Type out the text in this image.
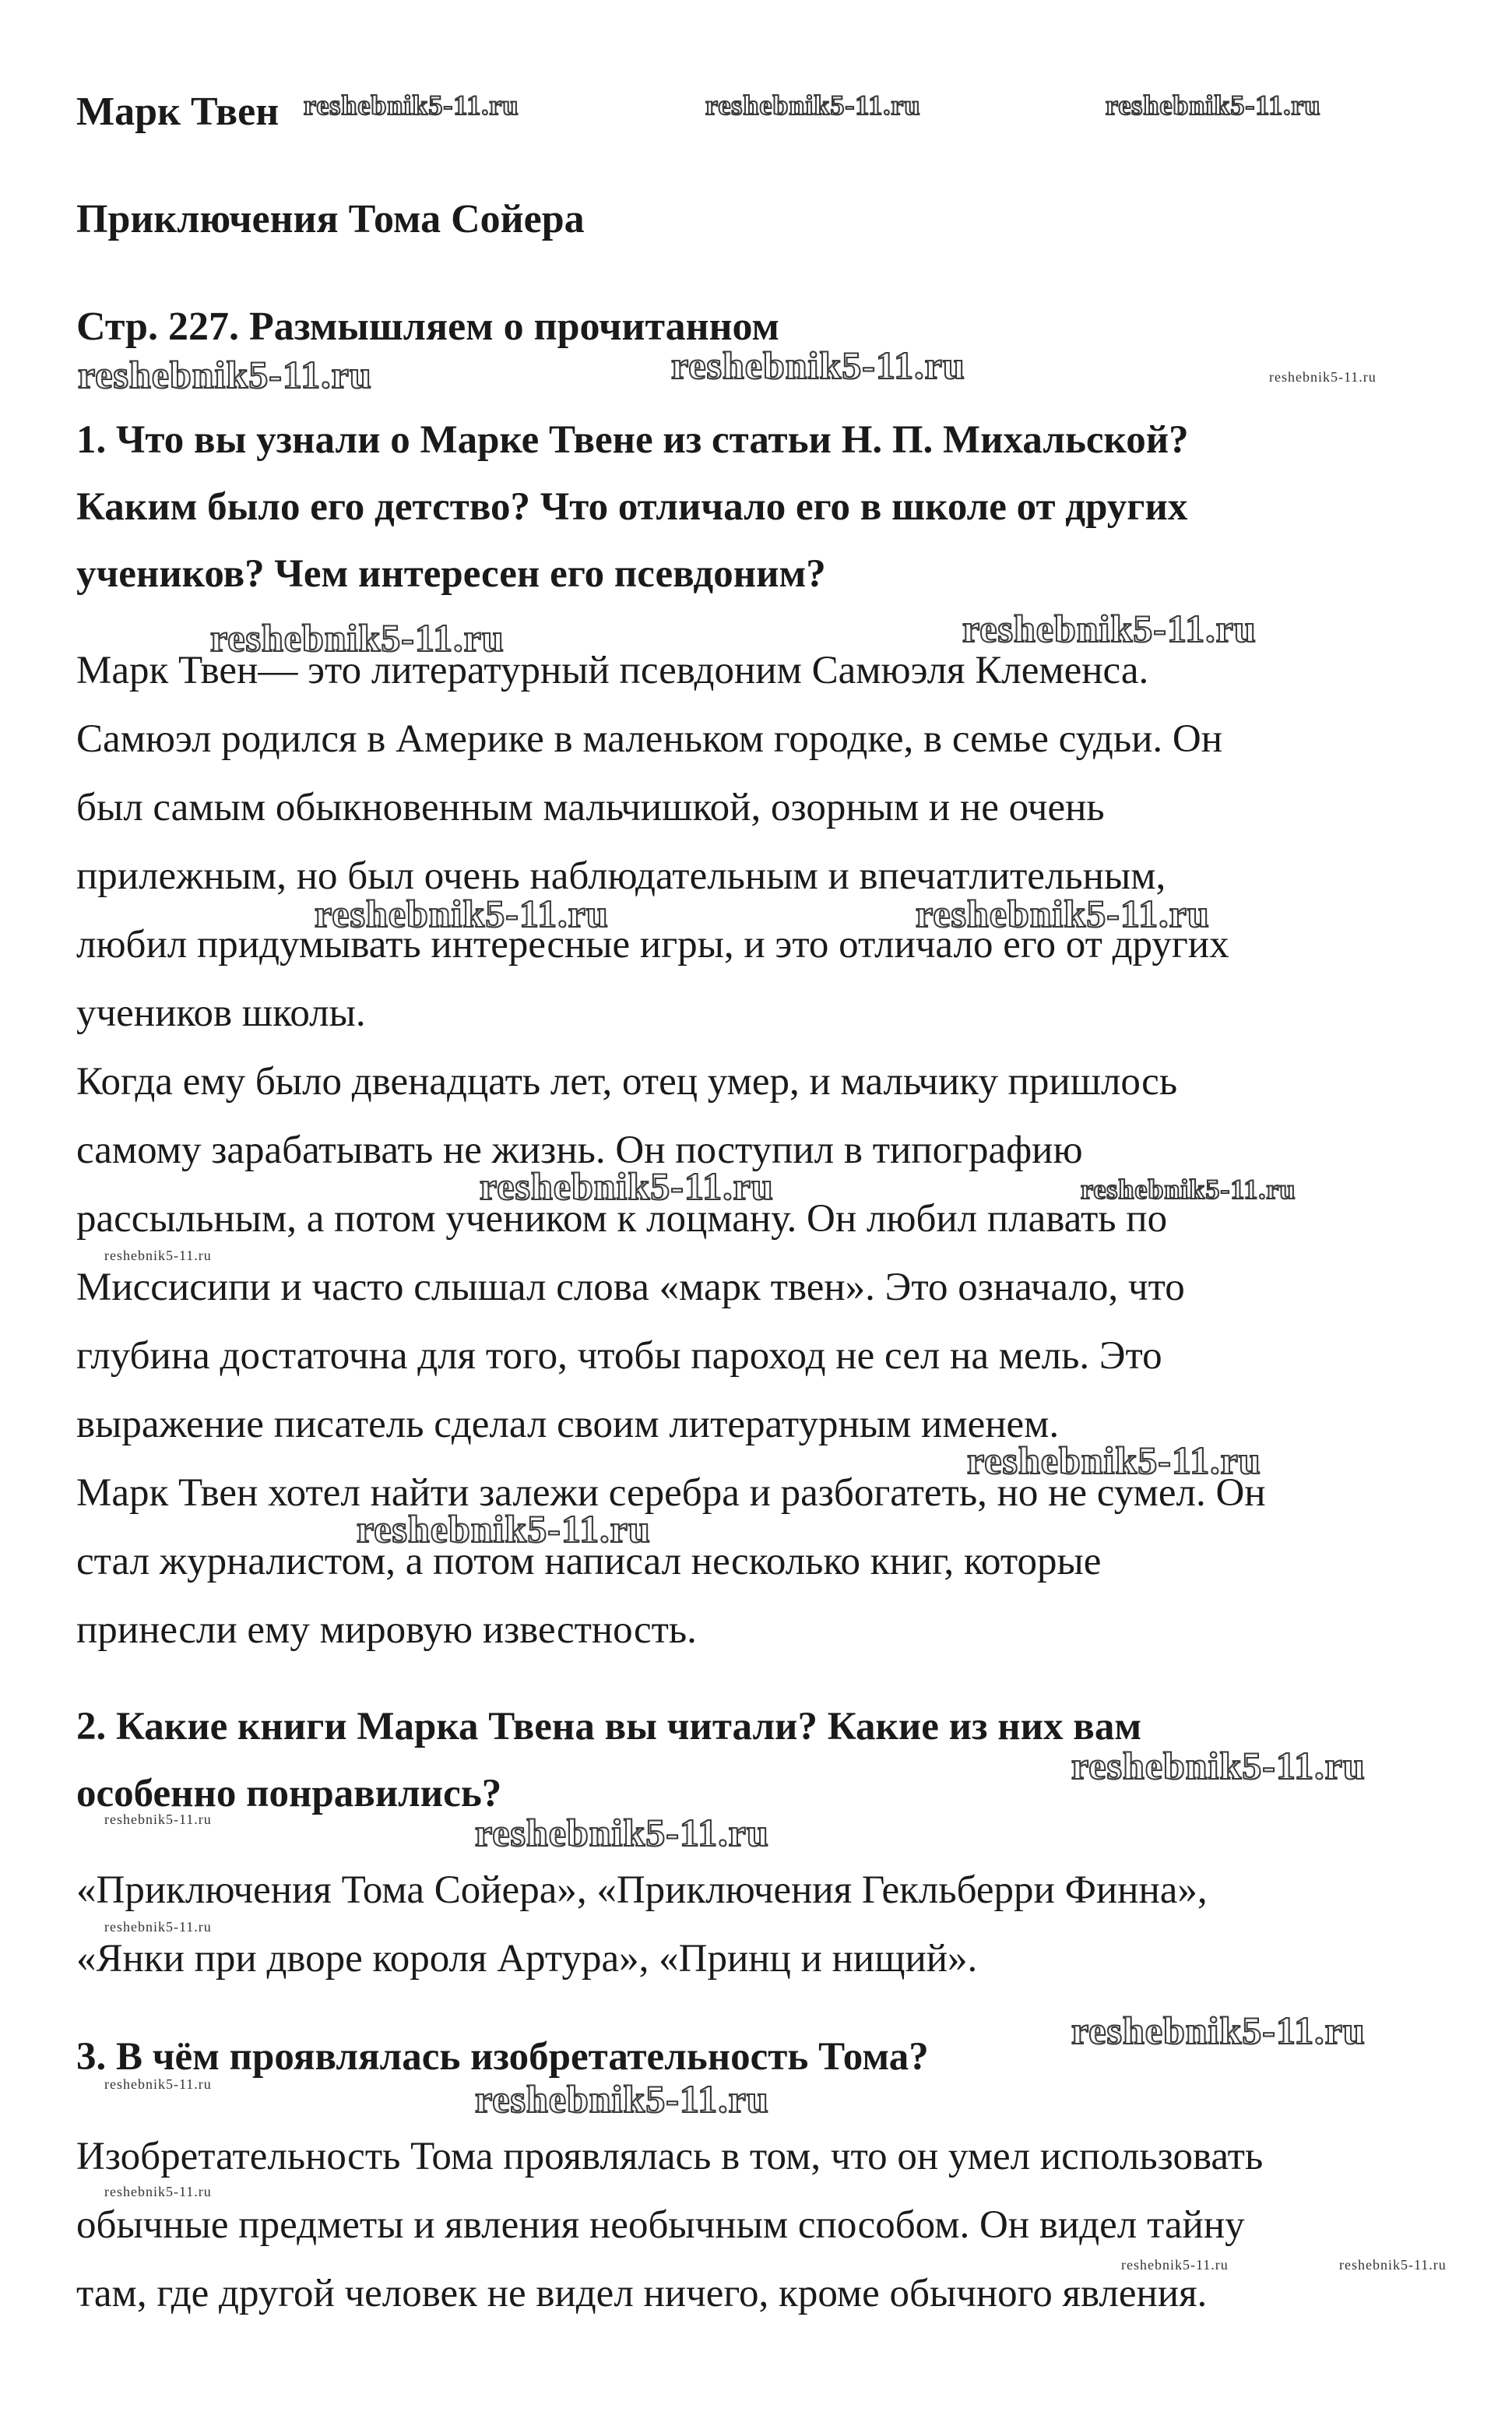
Марк Твен
Приключения Тома Сойера
Стр. 227. Размышляем о прочитанном
1. Что вы узнали о Марке Твене из статьи Н. П. Михальской?
Каким было его детство? Что отличало его в школе от других
учеников? Чем интересен его псевдоним?
Марк Твен— это литературный псевдоним Самюэля Клеменса.
Самюэл родился в Америке в маленьком городке, в семье судьи. Он
был самым обыкновенным мальчишкой, озорным и не очень
прилежным, но был очень наблюдательным и впечатлительным,
любил придумывать интересные игры, и это отличало его от других
учеников школы.
Когда ему было двенадцать лет, отец умер, и мальчику пришлось
самому зарабатывать не жизнь. Он поступил в типографию
рассыльным, а потом учеником к лоцману. Он любил плавать по
Миссисипи и часто слышал слова «марк твен». Это означало, что
глубина достаточна для того, чтобы пароход не сел на мель. Это
выражение писатель сделал своим литературным именем.
Марк Твен хотел найти залежи серебра и разбогатеть, но не сумел. Он
стал журналистом, а потом написал несколько книг, которые
принесли ему мировую известность.
2. Какие книги Марка Твена вы читали? Какие из них вам
особенно понравились?
«Приключения Тома Сойера», «Приключения Гекльберри Финна»,
«Янки при дворе короля Артура», «Принц и нищий».
3. В чём проявлялась изобретательность Тома?
Изобретательность Тома проявлялась в том, что он умел использовать
обычные предметы и явления необычным способом. Он видел тайну
там, где другой человек не видел ничего, кроме обычного явления.
reshebnik5-11.ru	reshebnik5-11.ru	reshebnik5-11.ru
reshebnik5-11.ru	reshebnik5-11.ru	reshebnik5-11.ru
reshebnik5-11.ru	reshebnik5-11.ru
reshebnik5-11.ru	reshebnik5-11.ru
reshebnik5-11.ru	reshebnik5-11.ru
reshebnik5-11.ru
reshebnik5-11.ru
reshebnik5-11.ru
reshebnik5-11.ru
reshebnik5-11.ru	reshebnik5-11.ru
reshebnik5-11.ru
reshebnik5-11.ru
reshebnik5-11.ru	reshebnik5-11.ru
reshebnik5-11.ru
reshebnik5-11.ru	reshebnik5-11.ru
